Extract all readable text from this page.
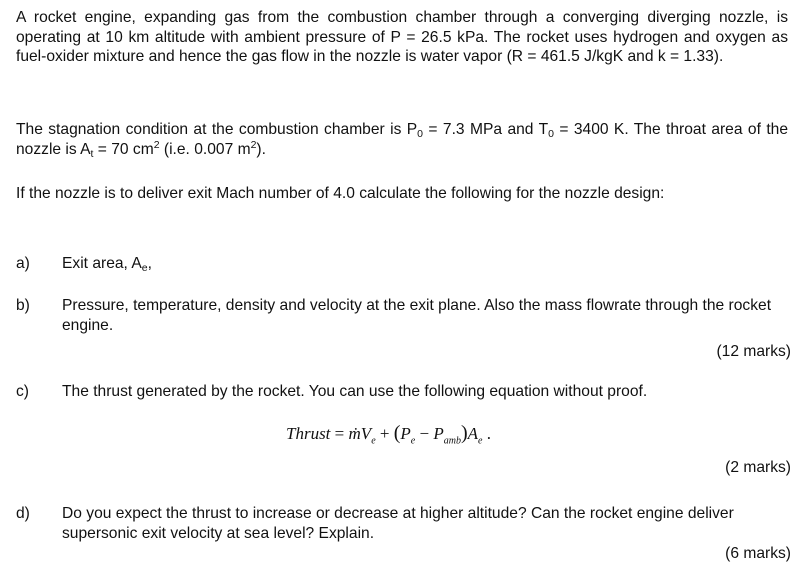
A rocket engine, expanding gas from the combustion chamber through a converging diverging nozzle, is operating at 10 km altitude with ambient pressure of P = 26.5 kPa. The rocket uses hydrogen and oxygen as fuel-oxider mixture and hence the gas flow in the nozzle is water vapor (R = 461.5 J/kgK and k = 1.33).

The stagnation condition at the combustion chamber is $P_0 = 7.3$ MPa and $T_0 = 3400$ K. The throat area of the nozzle is $A_t = 70$ $cm^2$ (i.e. 0.007 $m^2$).

If the nozzle is to deliver exit Mach number of 4.0 calculate the following for the nozzle design:

a) Exit area, $A_e$,
b) Pressure, temperature, density and velocity at the exit plane. Also the mass flowrate through the rocket engine.
(12 marks)
c) The thrust generated by the rocket. You can use the following equation without proof.
Thrust = ṁV$_e$ + $(P_e - P_{amb})A_e$ .
(2 marks)
d) Do you expect the thrust to increase or decrease at higher altitude? Can the rocket engine deliver supersonic exit velocity at sea level? Explain.
(6 marks)
